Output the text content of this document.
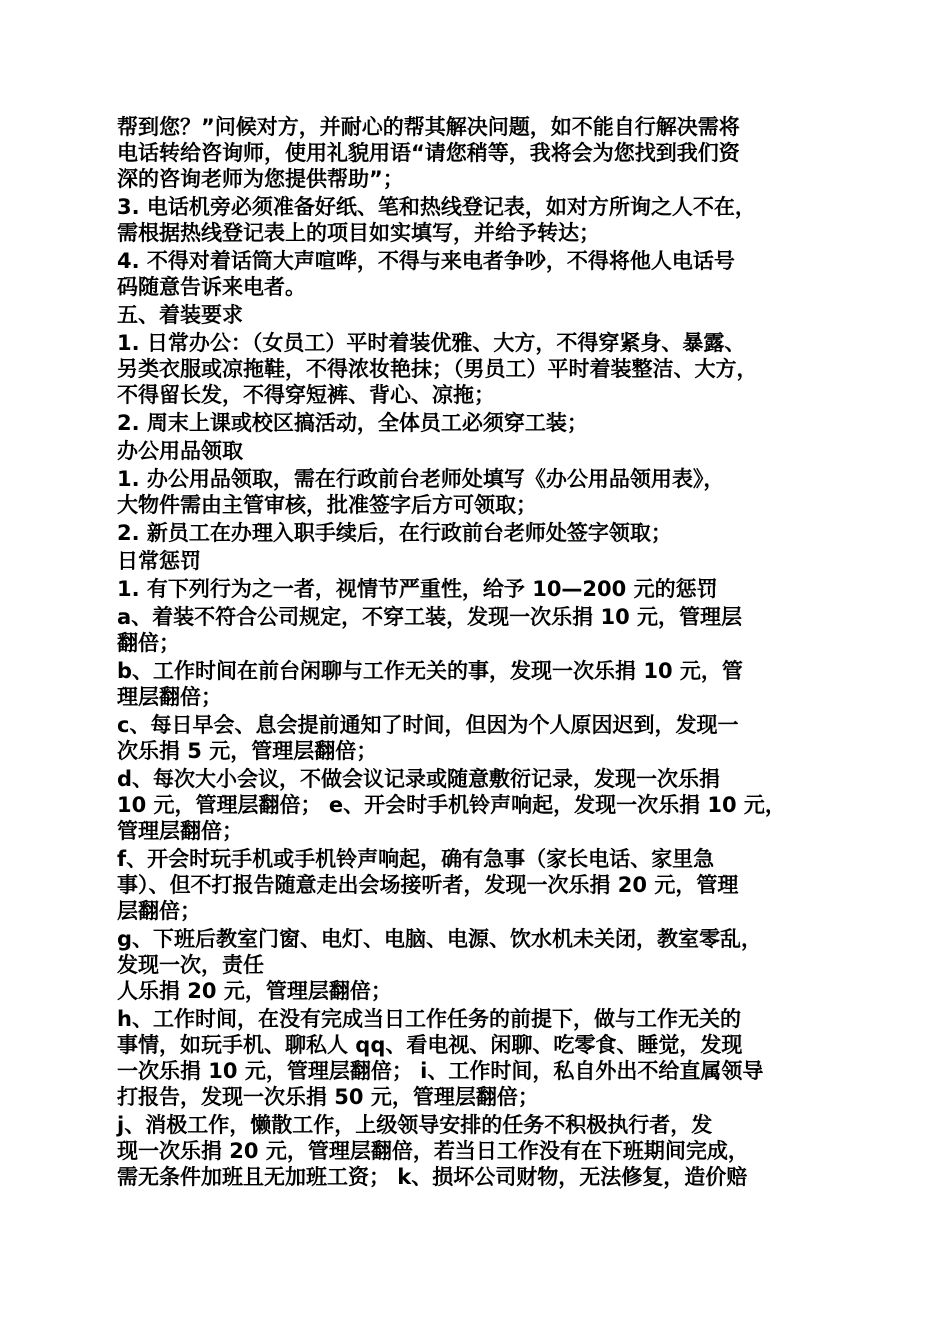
帮到您？”问候对方，并耐心的帮其解决问题，如不能自行解决需将
电话转给咨询师，使用礼貌用语“请您稍等，我将会为您找到我们资
深的咨询老师为您提供帮助”；
3. 电话机旁必须准备好纸、笔和热线登记表，如对方所询之人不在，
需根据热线登记表上的项目如实填写，并给予转达；
4. 不得对着话筒大声喧哗，不得与来电者争吵，不得将他人电话号
码随意告诉来电者。
五、着装要求
1. 日常办公：（女员工）平时着装优雅、大方，不得穿紧身、暴露、
另类衣服或凉拖鞋，不得浓妆艳抹；（男员工）平时着装整洁、大方，
不得留长发，不得穿短裤、背心、凉拖；
2. 周末上课或校区搞活动，全体员工必须穿工装；
办公用品领取
1. 办公用品领取，需在行政前台老师处填写《办公用品领用表》，
大物件需由主管审核，批准签字后方可领取；
2. 新员工在办理入职手续后，在行政前台老师处签字领取；
日常惩罚
1. 有下列行为之一者，视情节严重性，给予 10—200 元的惩罚
a、着装不符合公司规定，不穿工装，发现一次乐捐 10 元，管理层
翻倍；
b、工作时间在前台闲聊与工作无关的事，发现一次乐捐 10 元，管
理层翻倍；
c、每日早会、息会提前通知了时间，但因为个人原因迟到，发现一
次乐捐 5 元，管理层翻倍；
d、每次大小会议，不做会议记录或随意敷衍记录，发现一次乐捐
10 元，管理层翻倍； e、开会时手机铃声响起，发现一次乐捐 10 元，
管理层翻倍；
f、开会时玩手机或手机铃声响起，确有急事（家长电话、家里急
事）、但不打报告随意走出会场接听者，发现一次乐捐 20 元，管理
层翻倍；
g、下班后教室门窗、电灯、电脑、电源、饮水机未关闭，教室零乱，
发现一次，责任
人乐捐 20 元，管理层翻倍；
h、工作时间，在没有完成当日工作任务的前提下，做与工作无关的
事情，如玩手机、聊私人 qq、看电视、闲聊、吃零食、睡觉，发现
一次乐捐 10 元，管理层翻倍； i、工作时间，私自外出不给直属领导
打报告，发现一次乐捐 50 元，管理层翻倍；
j、消极工作，懒散工作，上级领导安排的任务不积极执行者，发
现一次乐捐 20 元，管理层翻倍，若当日工作没有在下班期间完成，
需无条件加班且无加班工资； k、损坏公司财物，无法修复，造价赔
